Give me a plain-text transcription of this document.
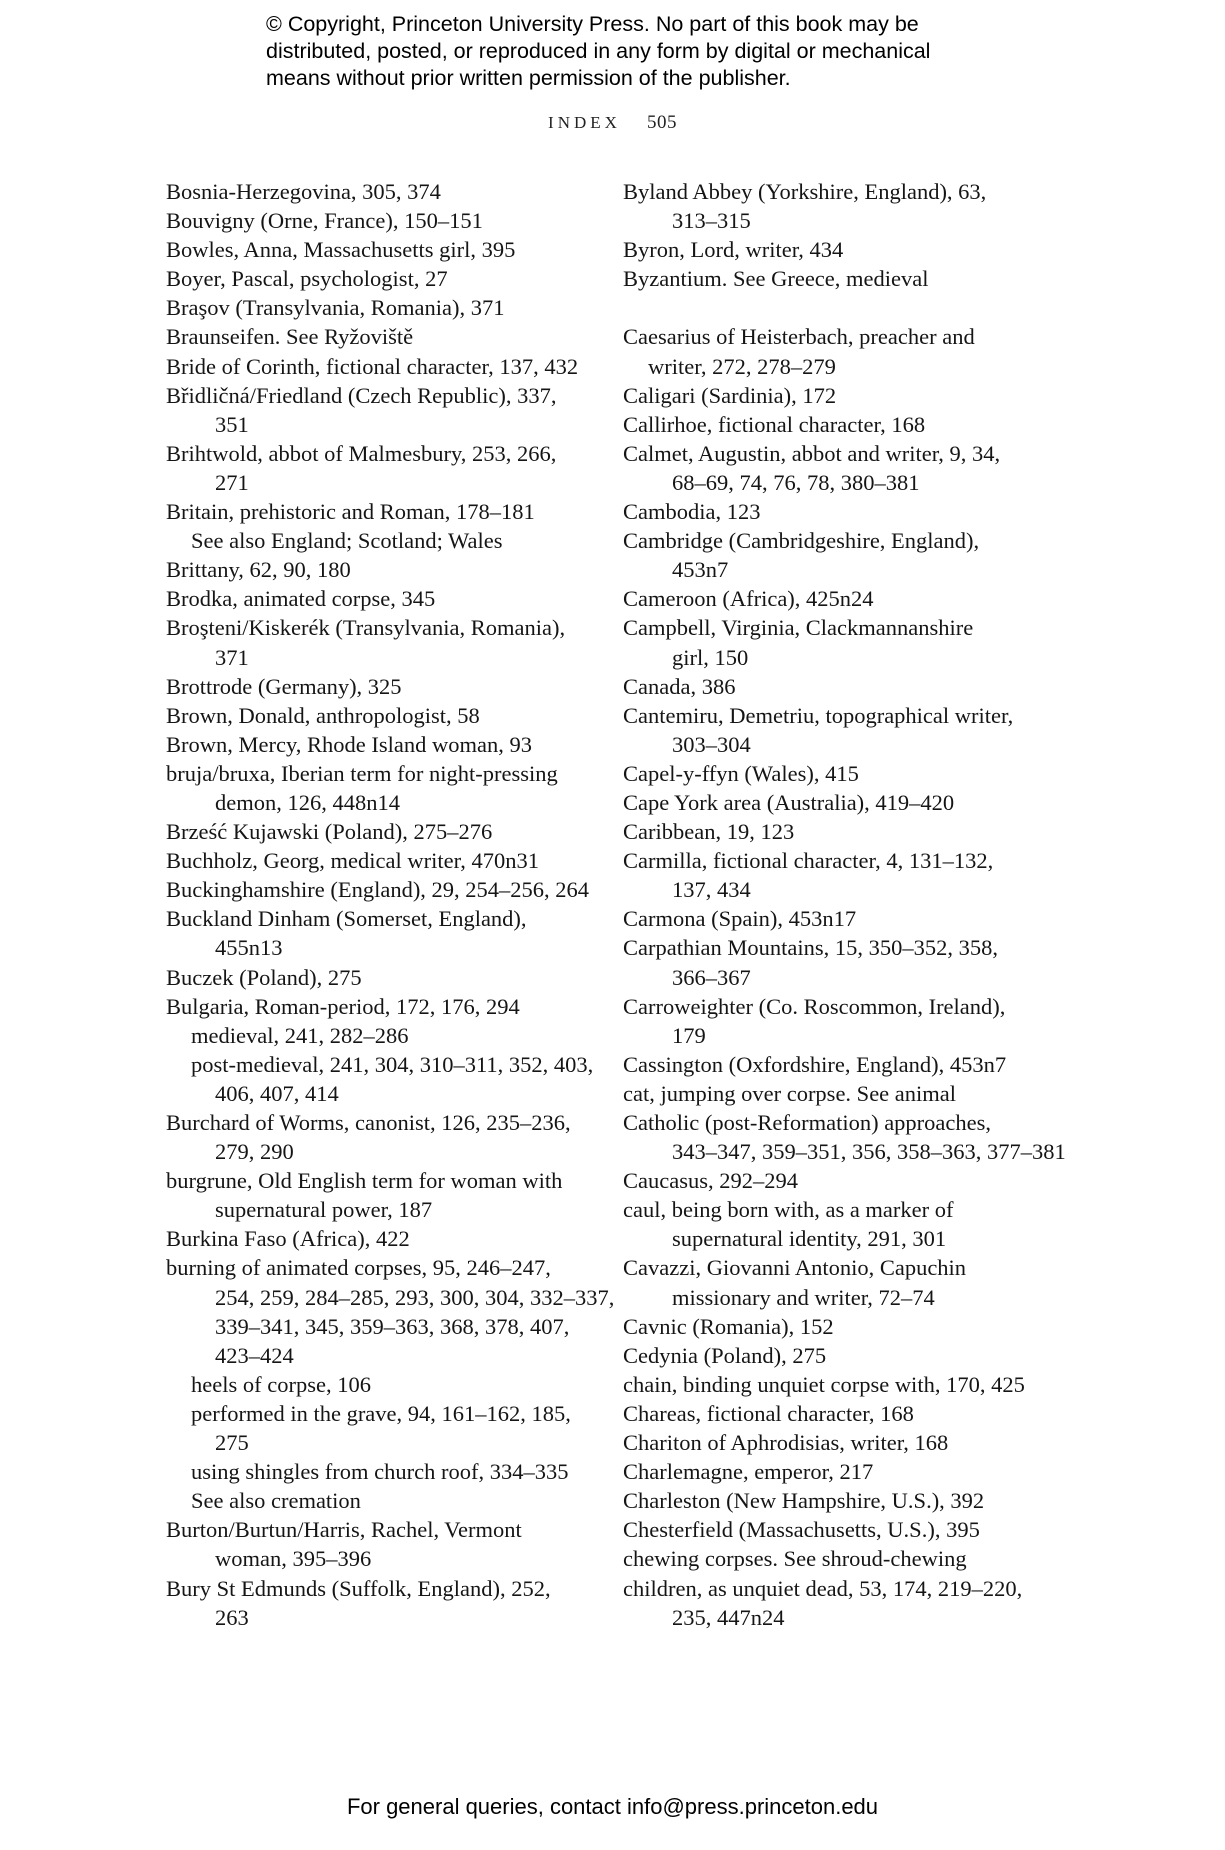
© Copyright, Princeton University Press. No part of this book may be
distributed, posted, or reproduced in any form by digital or mechanical
means without prior written permission of the publisher.
INDEX 505
Bosnia-Herzegovina, 305, 374
Bouvigny (Orne, France), 150–151
Bowles, Anna, Massachusetts girl, 395
Boyer, Pascal, psychologist, 27
Braşov (Transylvania, Romania), 371
Braunseifen. See Ryžoviště
Bride of Corinth, fictional character, 137, 432
Břidličná/Friedland (Czech Republic), 337,
351
Brihtwold, abbot of Malmesbury, 253, 266,
271
Britain, prehistoric and Roman, 178–181
See also England; Scotland; Wales
Brittany, 62, 90, 180
Brodka, animated corpse, 345
Broşteni/Kiskerék (Transylvania, Romania),
371
Brottrode (Germany), 325
Brown, Donald, anthropologist, 58
Brown, Mercy, Rhode Island woman, 93
bruja/bruxa, Iberian term for night-pressing
demon, 126, 448n14
Brześć Kujawski (Poland), 275–276
Buchholz, Georg, medical writer, 470n31
Buckinghamshire (England), 29, 254–256, 264
Buckland Dinham (Somerset, England),
455n13
Buczek (Poland), 275
Bulgaria, Roman-period, 172, 176, 294
medieval, 241, 282–286
post-medieval, 241, 304, 310–311, 352, 403,
406, 407, 414
Burchard of Worms, canonist, 126, 235–236,
279, 290
burgrune, Old English term for woman with
supernatural power, 187
Burkina Faso (Africa), 422
burning of animated corpses, 95, 246–247,
254, 259, 284–285, 293, 300, 304, 332–337,
339–341, 345, 359–363, 368, 378, 407,
423–424
heels of corpse, 106
performed in the grave, 94, 161–162, 185,
275
using shingles from church roof, 334–335
See also cremation
Burton/Burtun/Harris, Rachel, Vermont
woman, 395–396
Bury St Edmunds (Suffolk, England), 252,
263
Byland Abbey (Yorkshire, England), 63,
313–315
Byron, Lord, writer, 434
Byzantium. See Greece, medieval
Caesarius of Heisterbach, preacher and
writer, 272, 278–279
Caligari (Sardinia), 172
Callirhoe, fictional character, 168
Calmet, Augustin, abbot and writer, 9, 34,
68–69, 74, 76, 78, 380–381
Cambodia, 123
Cambridge (Cambridgeshire, England),
453n7
Cameroon (Africa), 425n24
Campbell, Virginia, Clackmannanshire
girl, 150
Canada, 386
Cantemiru, Demetriu, topographical writer,
303–304
Capel-y-ffyn (Wales), 415
Cape York area (Australia), 419–420
Caribbean, 19, 123
Carmilla, fictional character, 4, 131–132,
137, 434
Carmona (Spain), 453n17
Carpathian Mountains, 15, 350–352, 358,
366–367
Carroweighter (Co. Roscommon, Ireland),
179
Cassington (Oxfordshire, England), 453n7
cat, jumping over corpse. See animal
Catholic (post-Reformation) approaches,
343–347, 359–351, 356, 358–363, 377–381
Caucasus, 292–294
caul, being born with, as a marker of
supernatural identity, 291, 301
Cavazzi, Giovanni Antonio, Capuchin
missionary and writer, 72–74
Cavnic (Romania), 152
Cedynia (Poland), 275
chain, binding unquiet corpse with, 170, 425
Chareas, fictional character, 168
Chariton of Aphrodisias, writer, 168
Charlemagne, emperor, 217
Charleston (New Hampshire, U.S.), 392
Chesterfield (Massachusetts, U.S.), 395
chewing corpses. See shroud-chewing
children, as unquiet dead, 53, 174, 219–220,
235, 447n24
For general queries, contact info@press.princeton.edu
